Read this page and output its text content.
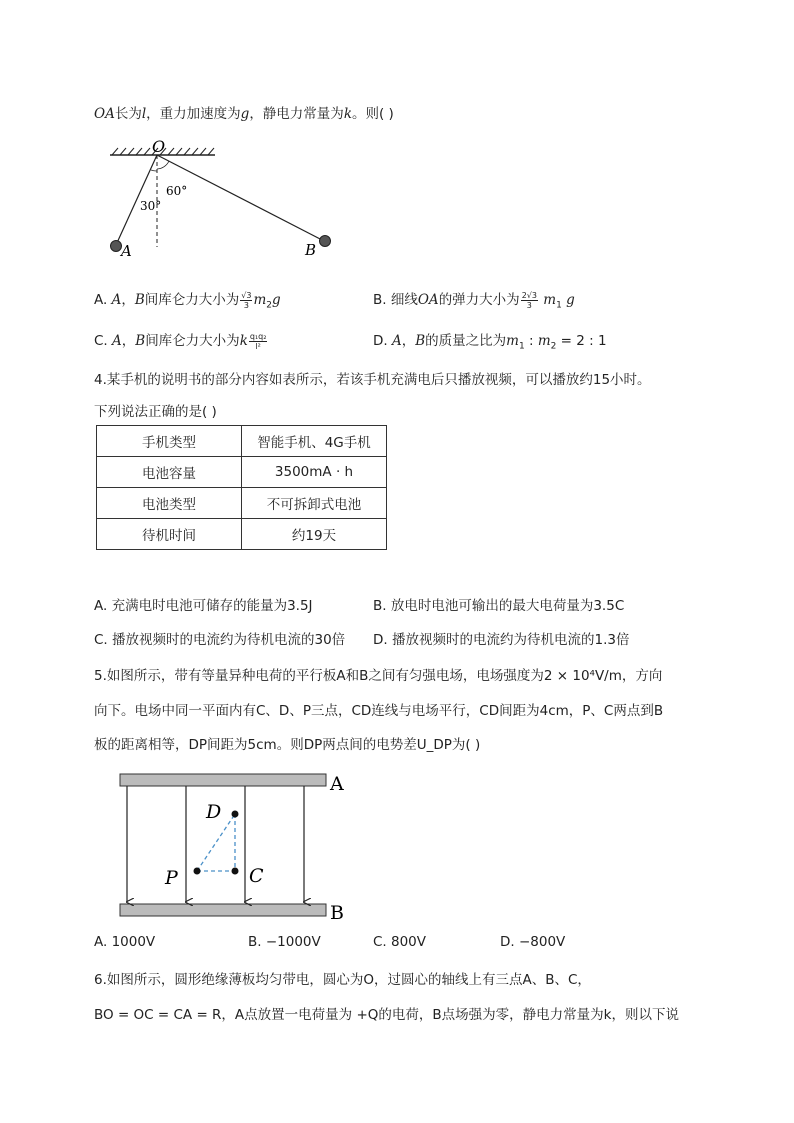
OA长为l，重力加速度为g，静电力常量为k。则( )
O
30°
60°
A	B
A. A，B间库仑力大小为 $\frac{√3}{3} m_2g$	B. 细线OA的弹力大小为 $\frac{2√3}{3} m_1$ g
C. A，B间库仑力大小为k $\frac{\text{q₁q₂}}{\text{l²}}$	D. A，B的质量之比为$m_1$ : $m_2 = 2$ : 1
4.某手机的说明书的部分内容如表所示，若该手机充满电后只播放视频，可以播放约15小时。
下列说法正确的是( )
手机类型	智能手机、4G手机
电池容量	3500mA · h
电池类型	不可拆卸式电池
待机时间	约19天
A. 充满电时电池可储存的能量为3.5J	B. 放电时电池可输出的最大电荷量为3.5C
C. 播放视频时的电流约为待机电流的30倍 D. 播放视频时的电流约为待机电流的1.3倍
5.如图所示，带有等量异种电荷的平行板A和B之间有匀强电场，电场强度为2 × 10⁴V/m，方向
向下。电场中同一平面内有C、D、P三点，CD连线与电场平行，CD间距为4cm，P、C两点到B
板的距离相等，DP间距为5cm。则DP两点间的电势差U_DP为( )
A
B
D
P	C
A. 1000V	B. −1000V	C. 800V	D. −800V
6.如图所示，圆形绝缘薄板均匀带电，圆心为O，过圆心的轴线上有三点A、B、C，
BO = OC = CA = R，A点放置一电荷量为 +Q的电荷，B点场强为零，静电力常量为k，则以下说
